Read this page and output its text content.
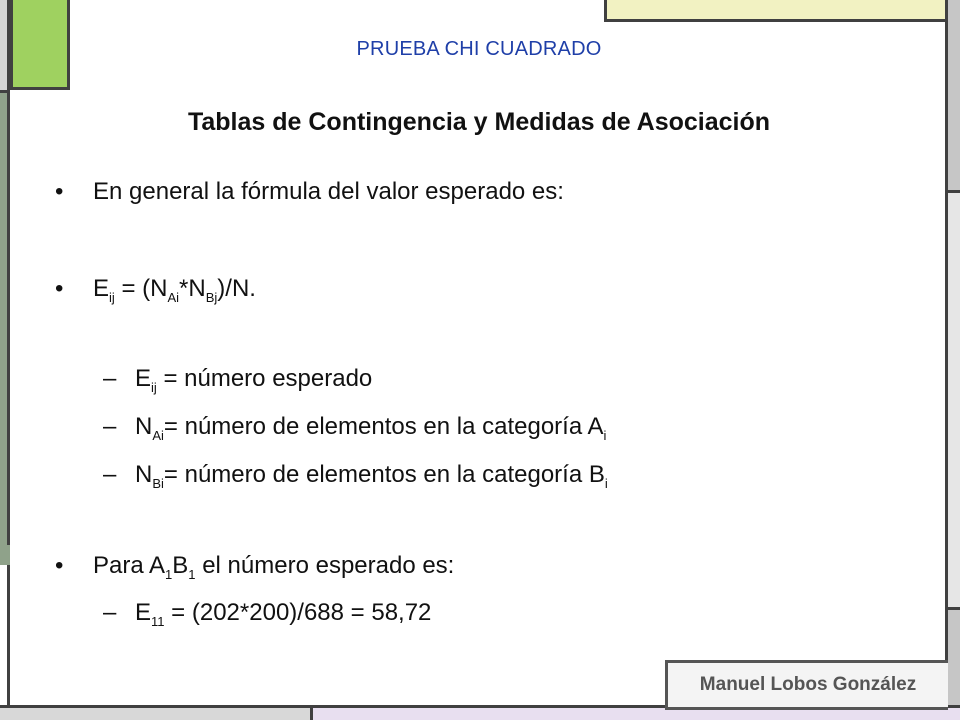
PRUEBA CHI CUADRADO
Tablas de Contingencia y Medidas de Asociación
• En general la fórmula del valor esperado es:
• $E_{ij} = (N_{Ai}*N_{Bj})/N$.
– $E_{ij}$ = número esperado
– $N_{Ai}=$ número de elementos en la categoría $A_i$
– $N_{Bi}=$ número de elementos en la categoría $B_i$
• Para $A_1B_1$ el número esperado es:
– $E_{11} = (202*200)/688 = 58,72$
Manuel Lobos González
